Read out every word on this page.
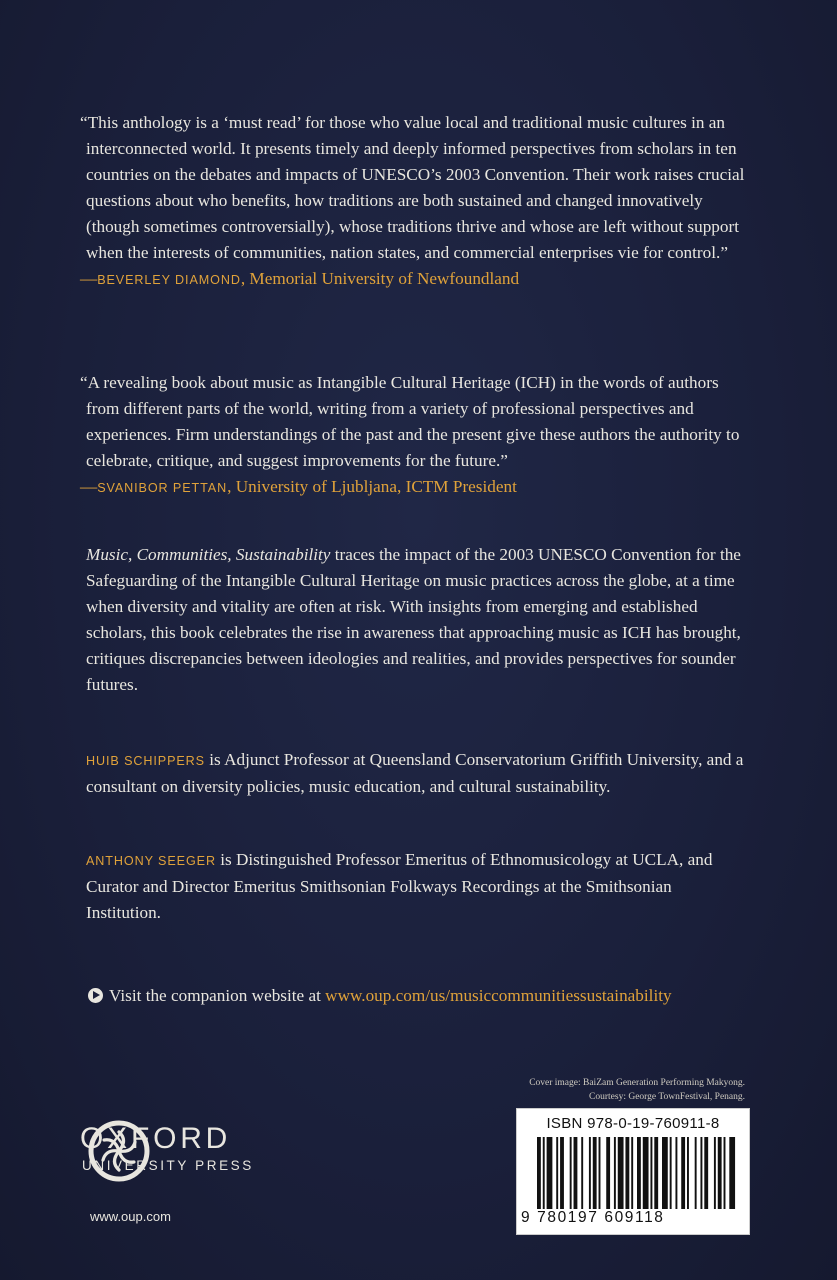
“This anthology is a ‘must read’ for those who value local and traditional music cultures in an interconnected world. It presents timely and deeply informed perspectives from scholars in ten countries on the debates and impacts of UNESCO’s 2003 Convention. Their work raises crucial questions about who benefits, how traditions are both sustained and changed innovatively (though sometimes controversially), whose traditions thrive and whose are left without support when the interests of communities, nation states, and commercial enterprises vie for control.”

—BEVERLEY DIAMOND, Memorial University of Newfoundland

“A revealing book about music as Intangible Cultural Heritage (ICH) in the words of authors from different parts of the world, writing from a variety of professional perspectives and experiences. Firm understandings of the past and the present give these authors the authority to celebrate, critique, and suggest improvements for the future.”

—SVANIBOR PETTAN, University of Ljubljana, ICTM President

Music, Communities, Sustainability traces the impact of the 2003 UNESCO Convention for the Safeguarding of the Intangible Cultural Heritage on music practices across the globe, at a time when diversity and vitality are often at risk. With insights from emerging and established scholars, this book celebrates the rise in awareness that approaching music as ICH has brought, critiques discrepancies between ideologies and realities, and provides perspectives for sounder futures.

HUIB SCHIPPERS is Adjunct Professor at Queensland Conservatorium Griffith University, and a consultant on diversity policies, music education, and cultural sustainability.

ANTHONY SEEGER is Distinguished Professor Emeritus of Ethnomusicology at UCLA, and Curator and Director Emeritus Smithsonian Folkways Recordings at the Smithsonian Institution.

Visit the companion website at www.oup.com/us/musiccommunitiessustainability
Cover image: BaiZam Generation Performing Makyong.
Courtesy: George TownFestival, Penang.
ISBN 978-0-19-760911-8
9 780197 609118
OXFORD
UNIVERSITY PRESS
www.oup.com
